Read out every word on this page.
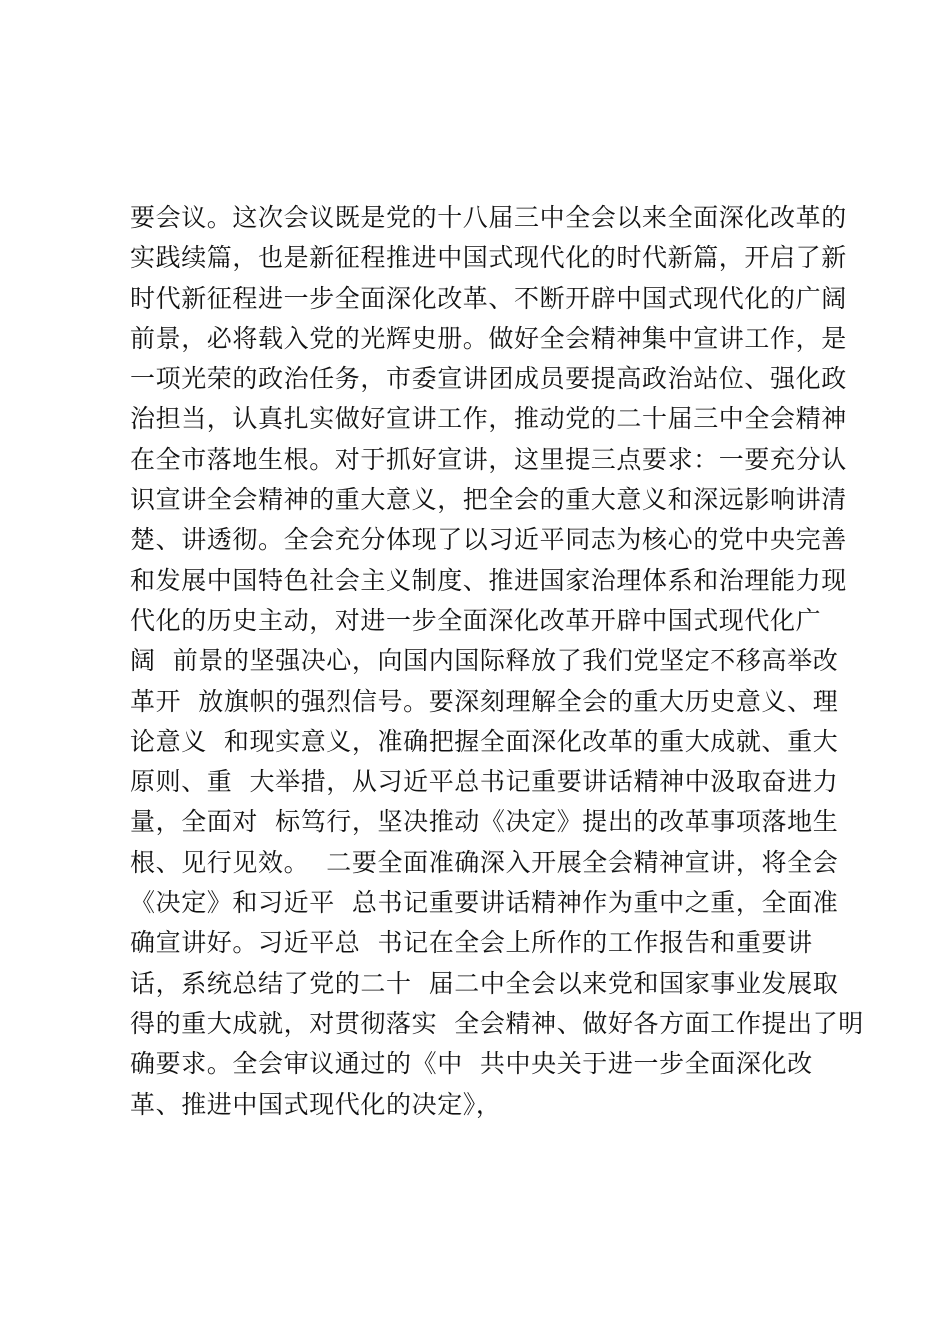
要会议。这次会议既是党的十八届三中全会以来全面深化改革的
实践续篇，也是新征程推进中国式现代化的时代新篇，开启了新
时代新征程进一步全面深化改革、不断开辟中国式现代化的广阔
前景，必将载入党的光辉史册。做好全会精神集中宣讲工作，是
一项光荣的政治任务，市委宣讲团成员要提高政治站位、强化政
治担当，认真扎实做好宣讲工作，推动党的二十届三中全会精神
在全市落地生根。对于抓好宣讲，这里提三点要求：一要充分认
识宣讲全会精神的重大意义，把全会的重大意义和深远影响讲清
楚、讲透彻。全会充分体现了以习近平同志为核心的党中央完善
和发展中国特色社会主义制度、推进国家治理体系和治理能力现
代化的历史主动，对进一步全面深化改革开辟中国式现代化广
阔  前景的坚强决心，向国内国际释放了我们党坚定不移高举改
革开  放旗帜的强烈信号。要深刻理解全会的重大历史意义、理
论意义  和现实意义，准确把握全面深化改革的重大成就、重大
原则、重  大举措，从习近平总书记重要讲话精神中汲取奋进力
量，全面对  标笃行，坚决推动《决定》提出的改革事项落地生
根、见行见效。  二要全面准确深入开展全会精神宣讲，将全会
《决定》和习近平  总书记重要讲话精神作为重中之重，全面准
确宣讲好。习近平总  书记在全会上所作的工作报告和重要讲
话，系统总结了党的二十  届二中全会以来党和国家事业发展取
得的重大成就，对贯彻落实  全会精神、做好各方面工作提出了明
确要求。全会审议通过的《中  共中央关于进一步全面深化改
革、推进中国式现代化的决定》，
